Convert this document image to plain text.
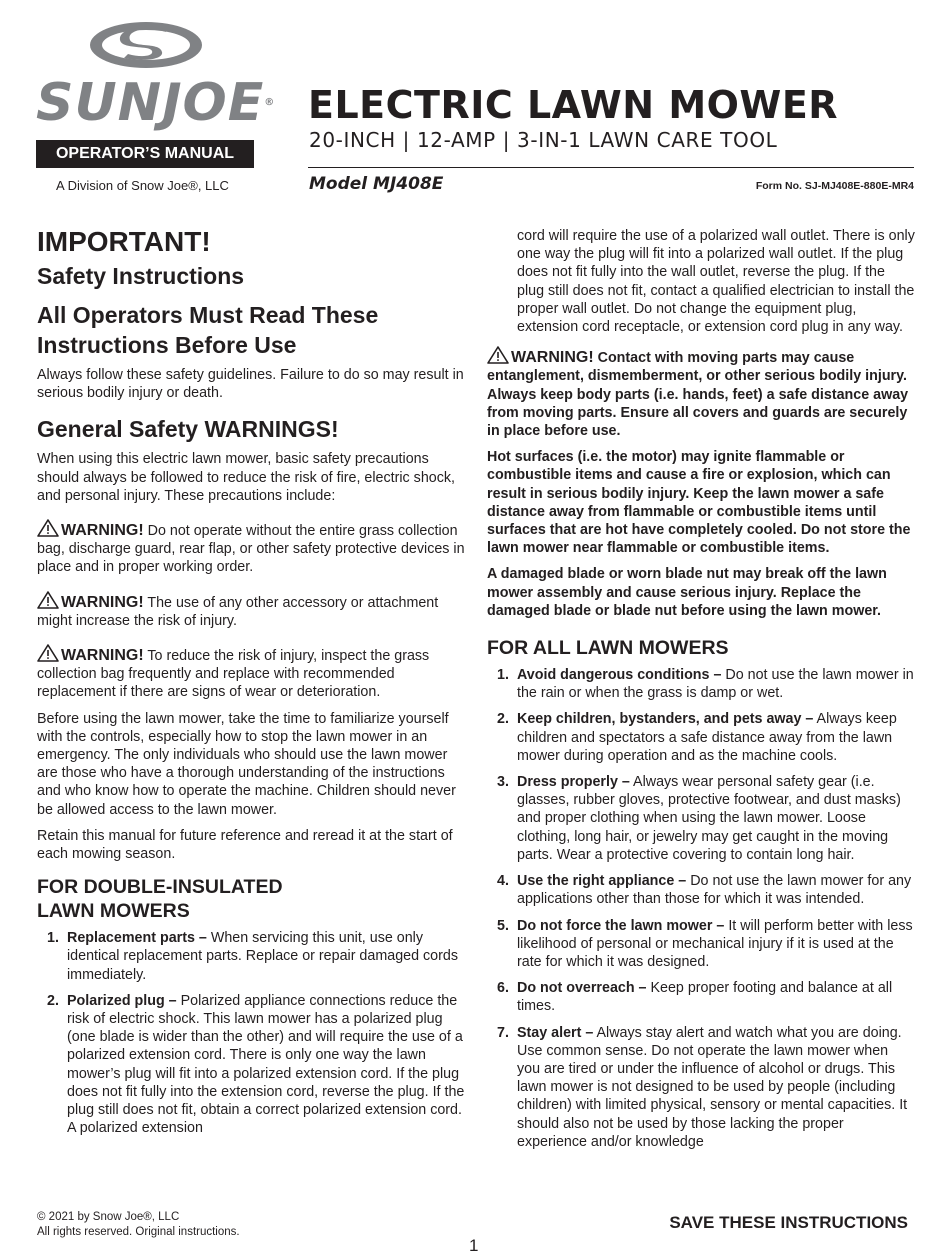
SUNJOE®
OPERATOR’S MANUAL
A Division of Snow Joe®, LLC
ELECTRIC LAWN MOWER
20-INCH | 12-AMP | 3-IN-1 LAWN CARE TOOL
Model MJ408E	Form No. SJ-MJ408E-880E-MR4
IMPORTANT!
Safety Instructions
All Operators Must Read These Instructions Before Use

Always follow these safety guidelines. Failure to do so may result in serious bodily injury or death.

General Safety WARNINGS!

When using this electric lawn mower, basic safety precautions should always be followed to reduce the risk of fire, electric shock, and personal injury. These precautions include:

WARNING! Do not operate without the entire grass collection bag, discharge guard, rear flap, or other safety protective devices in place and in proper working order.

WARNING! The use of any other accessory or attachment might increase the risk of injury.

WARNING! To reduce the risk of injury, inspect the grass collection bag frequently and replace with recommended replacement if there are signs of wear or deterioration.

Before using the lawn mower, take the time to familiarize yourself with the controls, especially how to stop the lawn mower in an emergency. The only individuals who should use the lawn mower are those who have a thorough understanding of the instructions and who know how to operate the machine. Children should never be allowed access to the lawn mower.

Retain this manual for future reference and reread it at the start of each mowing season.

FOR DOUBLE-INSULATED LAWN MOWERS
1. Replacement parts – When servicing this unit, use only identical replacement parts. Replace or repair damaged cords immediately.
2. Polarized plug – Polarized appliance connections reduce the risk of electric shock. This lawn mower has a polarized plug (one blade is wider than the other) and will require the use of a polarized extension cord. There is only one way the lawn mower’s plug will fit into a polarized extension cord. If the plug does not fit fully into the extension cord, reverse the plug. If the plug still does not fit, obtain a correct polarized extension cord. A polarized extension

cord will require the use of a polarized wall outlet. There is only one way the plug will fit into a polarized wall outlet. If the plug does not fit fully into the wall outlet, reverse the plug. If the plug still does not fit, contact a qualified electrician to install the proper wall outlet. Do not change the equipment plug, extension cord receptacle, or extension cord plug in any way.

WARNING! Contact with moving parts may cause entanglement, dismemberment, or other serious bodily injury. Always keep body parts (i.e. hands, feet) a safe distance away from moving parts. Ensure all covers and guards are securely in place before use.

Hot surfaces (i.e. the motor) may ignite flammable or combustible items and cause a fire or explosion, which can result in serious bodily injury. Keep the lawn mower a safe distance away from flammable or combustible items until surfaces that are hot have completely cooled. Do not store the lawn mower near flammable or combustible items.

A damaged blade or worn blade nut may break off the lawn mower assembly and cause serious injury. Replace the damaged blade or blade nut before using the lawn mower.

FOR ALL LAWN MOWERS
1. Avoid dangerous conditions – Do not use the lawn mower in the rain or when the grass is damp or wet.
2. Keep children, bystanders, and pets away – Always keep children and spectators a safe distance away from the lawn mower during operation and as the machine cools.
3. Dress properly – Always wear personal safety gear (i.e. glasses, rubber gloves, protective footwear, and dust masks) and proper clothing when using the lawn mower. Loose clothing, long hair, or jewelry may get caught in the moving parts. Wear a protective covering to contain long hair.
4. Use the right appliance – Do not use the lawn mower for any applications other than those for which it was intended.
5. Do not force the lawn mower – It will perform better with less likelihood of personal or mechanical injury if it is used at the rate for which it was designed.
6. Do not overreach – Keep proper footing and balance at all times.
7. Stay alert – Always stay alert and watch what you are doing. Use common sense. Do not operate the lawn mower when you are tired or under the influence of alcohol or drugs. This lawn mower is not designed to be used by people (including children) with limited physical, sensory or mental capacities. It should also not be used by those lacking the proper experience and/or knowledge
© 2021 by Snow Joe®, LLC
All rights reserved. Original instructions.	SAVE THESE INSTRUCTIONS
1
